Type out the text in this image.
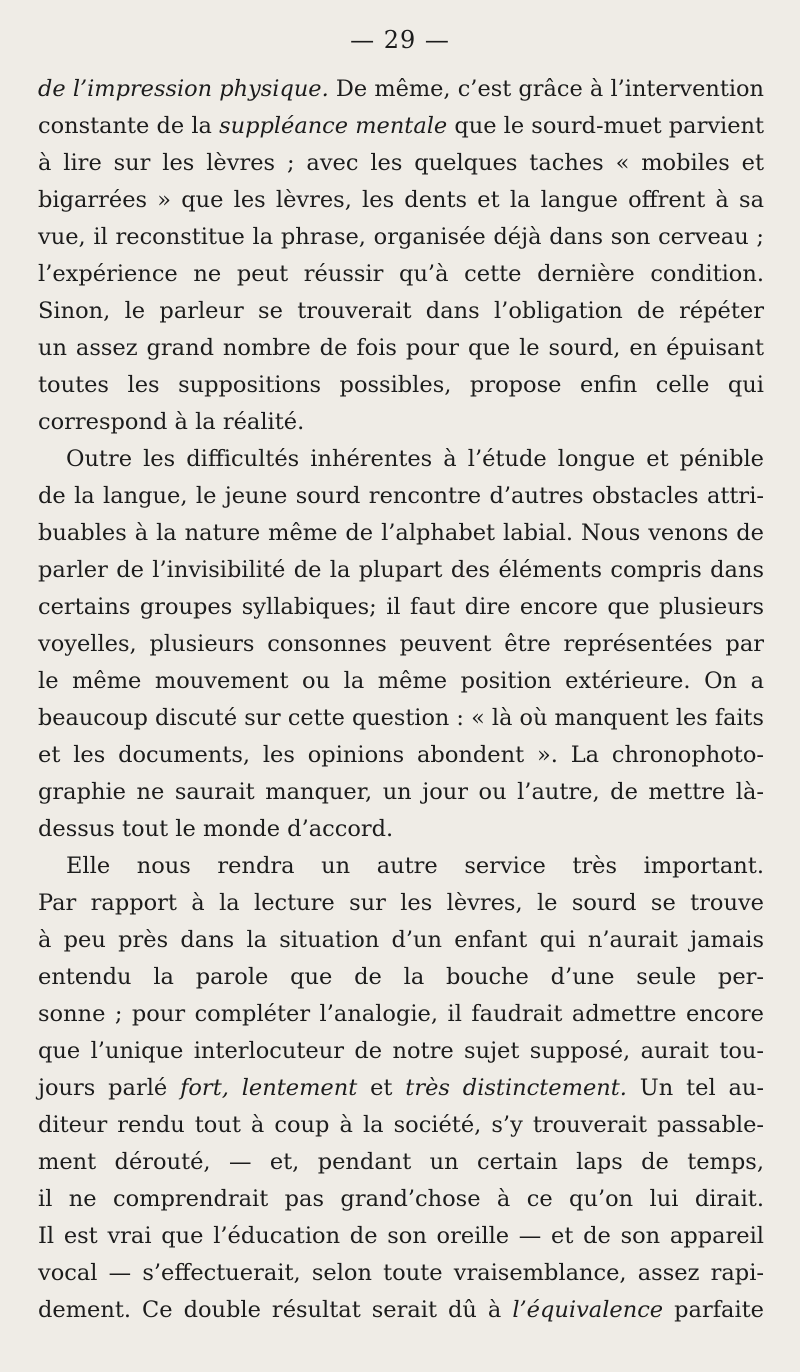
— 29 —
de l’impression physique. De même, c’est grâce à l’intervention
constante de la suppléance mentale que le sourd-muet parvient
à lire sur les lèvres ; avec les quelques taches « mobiles et
bigarrées » que les lèvres, les dents et la langue offrent à sa
vue, il reconstitue la phrase, organisée déjà dans son cerveau ;
l’expérience ne peut réussir qu’à cette dernière condition.
Sinon, le parleur se trouverait dans l’obligation de répéter
un assez grand nombre de fois pour que le sourd, en épuisant
toutes les suppositions possibles, propose enfin celle qui
correspond à la réalité.
Outre les difficultés inhérentes à l’étude longue et pénible
de la langue, le jeune sourd rencontre d’autres obstacles attri-
buables à la nature même de l’alphabet labial. Nous venons de
parler de l’invisibilité de la plupart des éléments compris dans
certains groupes syllabiques; il faut dire encore que plusieurs
voyelles, plusieurs consonnes peuvent être représentées par
le même mouvement ou la même position extérieure. On a
beaucoup discuté sur cette question : « là où manquent les faits
et les documents, les opinions abondent ». La chronophoto-
graphie ne saurait manquer, un jour ou l’autre, de mettre là-
dessus tout le monde d’accord.
Elle nous rendra un autre service très important.
Par rapport à la lecture sur les lèvres, le sourd se trouve
à peu près dans la situation d’un enfant qui n’aurait jamais
entendu la parole que de la bouche d’une seule per-
sonne ; pour compléter l’analogie, il faudrait admettre encore
que l’unique interlocuteur de notre sujet supposé, aurait tou-
jours parlé fort, lentement et très distinctement. Un tel au-
diteur rendu tout à coup à la société, s’y trouverait passable-
ment dérouté, — et, pendant un certain laps de temps,
il ne comprendrait pas grand’chose à ce qu’on lui dirait.
Il est vrai que l’éducation de son oreille — et de son appareil
vocal — s’effectuerait, selon toute vraisemblance, assez rapi-
dement. Ce double résultat serait dû à l’équivalence parfaite
